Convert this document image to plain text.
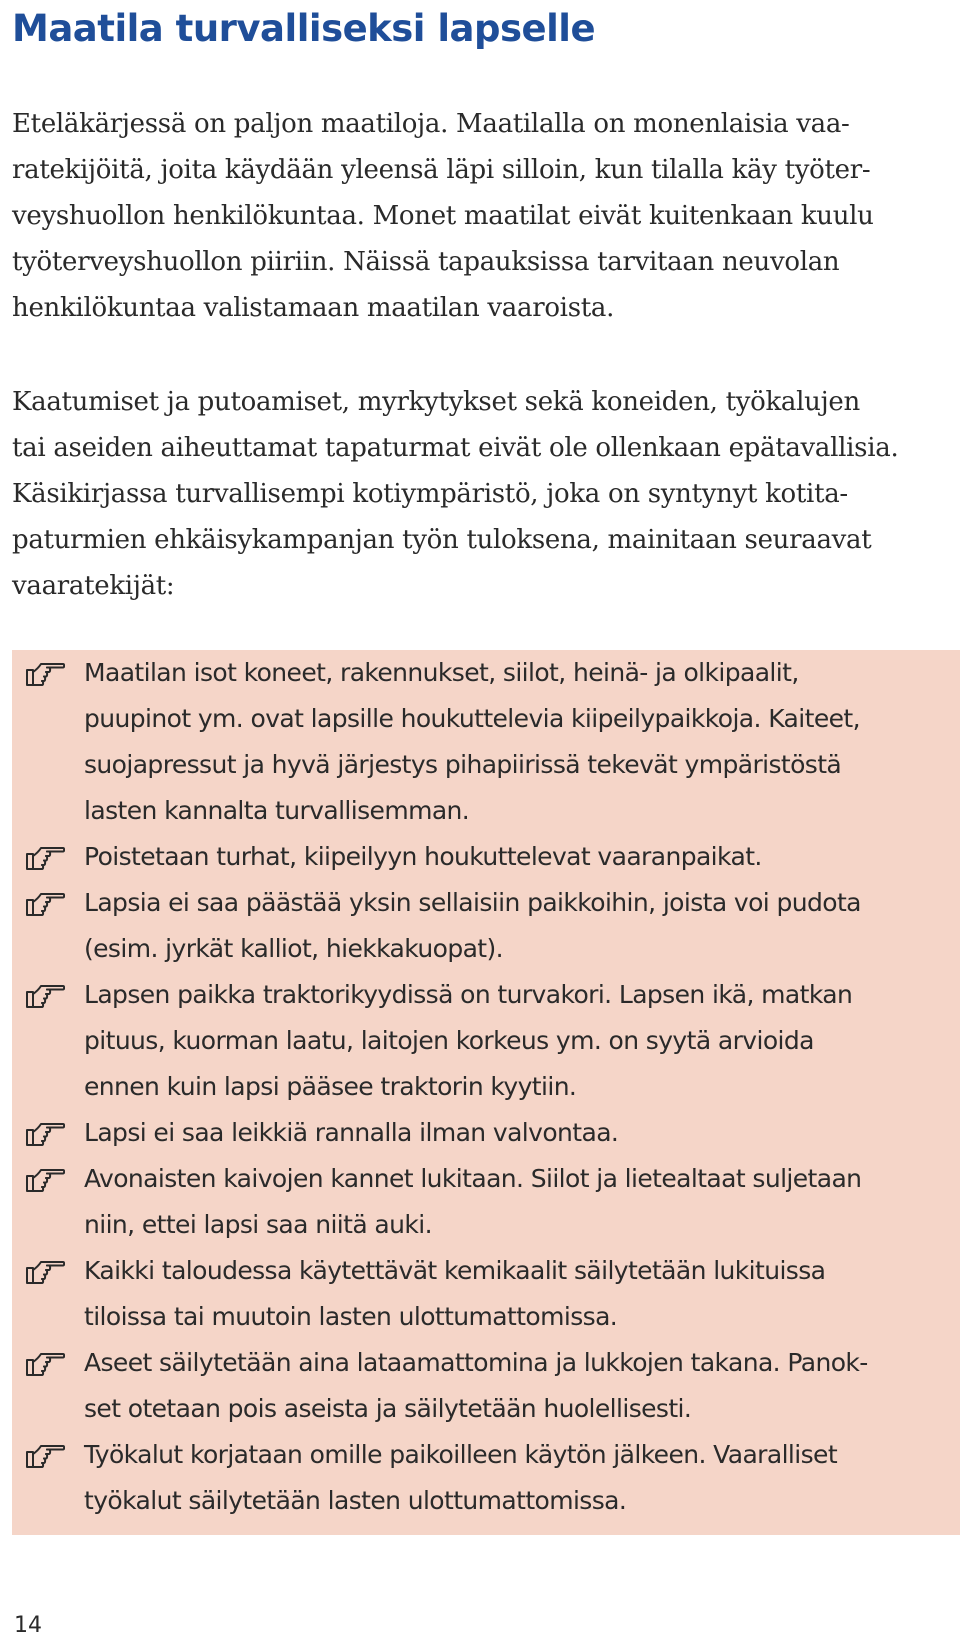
Maatila turvalliseksi lapselle

Eteläkärjessä on paljon maatiloja. Maatilalla on monenlaisia vaa-
ratekijöitä, joita käydään yleensä läpi silloin, kun tilalla käy työter-
veyshuollon henkilökuntaa. Monet maatilat eivät kuitenkaan kuulu
työterveyshuollon piiriin. Näissä tapauksissa tarvitaan neuvolan
henkilökuntaa valistamaan maatilan vaaroista.

Kaatumiset ja putoamiset, myrkytykset sekä koneiden, työkalujen
tai aseiden aiheuttamat tapaturmat eivät ole ollenkaan epätavallisia.
Käsikirjassa turvallisempi kotiympäristö, joka on syntynyt kotita-
paturmien ehkäisykampanjan työn tuloksena, mainitaan seuraavat
vaaratekijät:

Maatilan isot koneet, rakennukset, siilot, heinä- ja olkipaalit,
puupinot ym. ovat lapsille houkuttelevia kiipeilypaikkoja. Kaiteet,
suojapressut ja hyvä järjestys pihapiirissä tekevät ympäristöstä
lasten kannalta turvallisemman.
Poistetaan turhat, kiipeilyyn houkuttelevat vaaranpaikat.
Lapsia ei saa päästää yksin sellaisiin paikkoihin, joista voi pudota
(esim. jyrkät kalliot, hiekkakuopat).
Lapsen paikka traktorikyydissä on turvakori. Lapsen ikä, matkan
pituus, kuorman laatu, laitojen korkeus ym. on syytä arvioida
ennen kuin lapsi pääsee traktorin kyytiin.
Lapsi ei saa leikkiä rannalla ilman valvontaa.
Avonaisten kaivojen kannet lukitaan. Siilot ja lietealtaat suljetaan
niin, ettei lapsi saa niitä auki.
Kaikki taloudessa käytettävät kemikaalit säilytetään lukituissa
tiloissa tai muutoin lasten ulottumattomissa.
Aseet säilytetään aina lataamattomina ja lukkojen takana. Panok-
set otetaan pois aseista ja säilytetään huolellisesti.
Työkalut korjataan omille paikoilleen käytön jälkeen. Vaaralliset
työkalut säilytetään lasten ulottumattomissa.
14
